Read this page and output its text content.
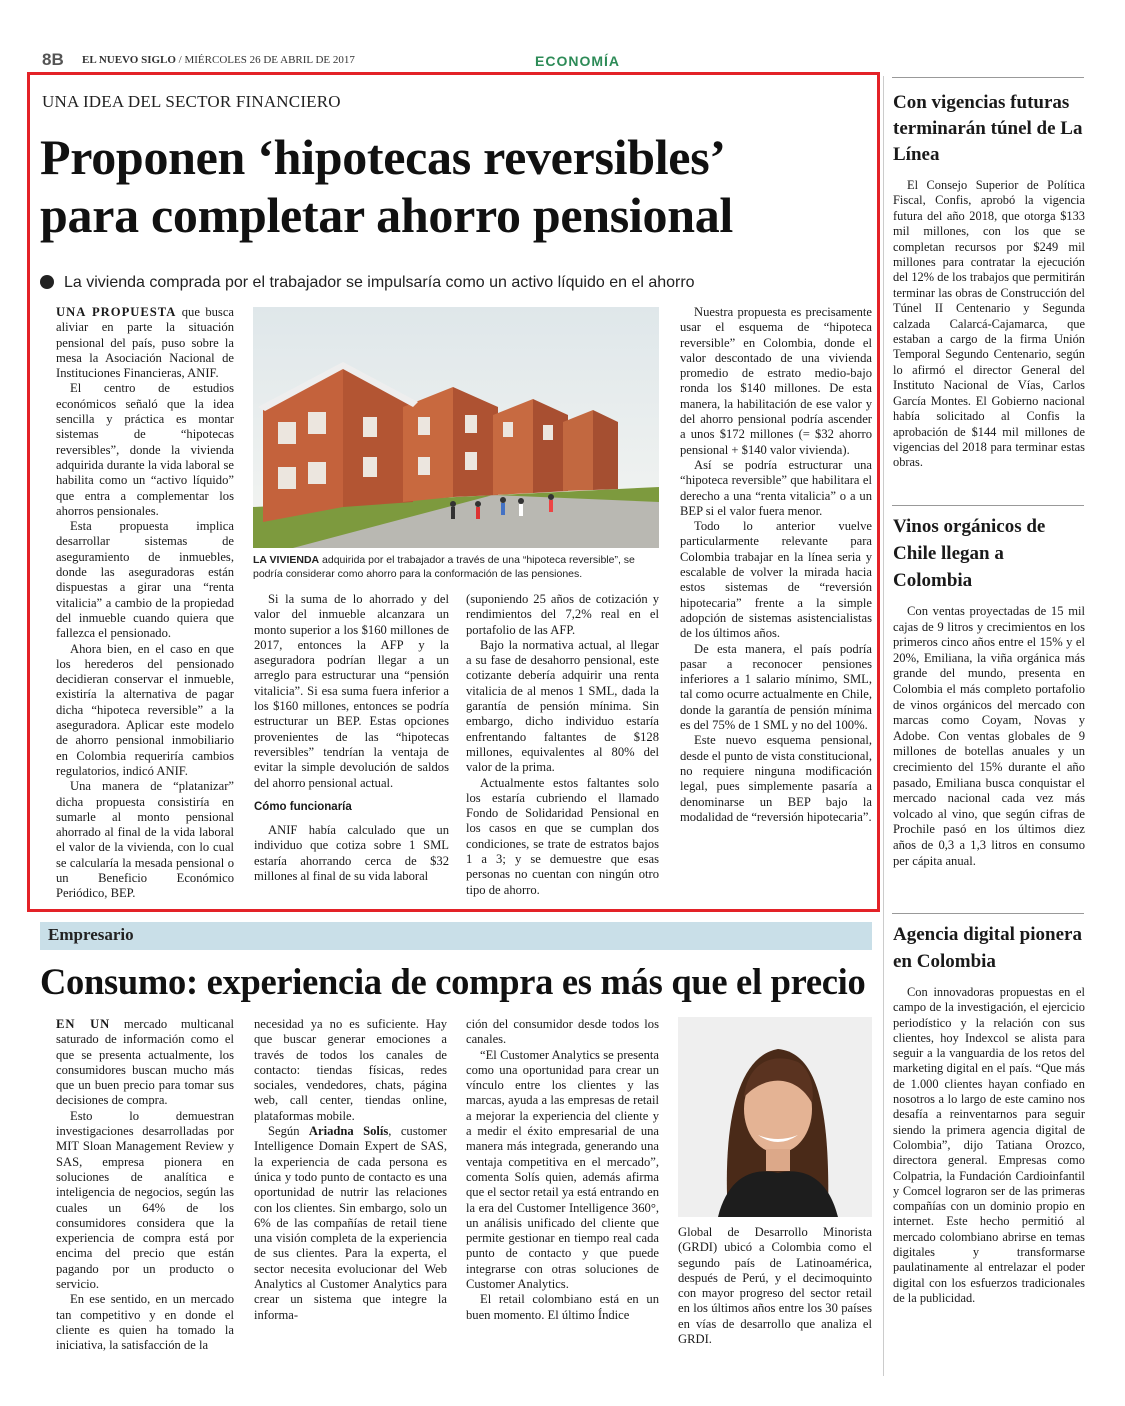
8B EL NUEVO SIGLO / MIÉRCOLES 26 DE ABRIL DE 2017	ECONOMÍA
UNA IDEA DEL SECTOR FINANCIERO
Proponen ‘hipotecas reversibles’
para completar ahorro pensional
La vivienda comprada por el trabajador se impulsaría como un activo líquido en el ahorro

UNA PROPUESTA que busca aliviar en parte la situación pensional del país, puso sobre la mesa la Asociación Nacional de Instituciones Financieras, ANIF.

El centro de estudios económicos señaló que la idea sencilla y práctica es montar sistemas de “hipotecas reversibles”, donde la vivienda adquirida durante la vida laboral se habilita como un “activo líquido” que entra a complementar los ahorros pensionales.

Esta propuesta implica desarrollar sistemas de aseguramiento de inmuebles, donde las aseguradoras están dispuestas a girar una “renta vitalicia” a cambio de la propiedad del inmueble cuando quiera que fallezca el pensionado.

Ahora bien, en el caso en que los herederos del pensionado decidieran conservar el inmueble, existiría la alternativa de pagar dicha “hipoteca reversible” a la aseguradora. Aplicar este modelo de ahorro pensional inmobiliario en Colombia requeriría cambios regulatorios, indicó ANIF.

Una manera de “platanizar” dicha propuesta consistiría en sumarle al monto pensional ahorrado al final de la vida laboral el valor de la vivienda, con lo cual se calcularía la mesada pensional o un Beneficio Económico Periódico, BEP.

LA VIVIENDA adquirida por el trabajador a través de una “hipoteca reversible”, se podría considerar como ahorro para la conformación de las pensiones.

Si la suma de lo ahorrado y del valor del inmueble alcanzara un monto superior a los $160 millones de 2017, entonces la AFP y la aseguradora podrían llegar a un arreglo para estructurar una “pensión vitalicia”. Si esa suma fuera inferior a los $160 millones, entonces se podría estructurar un BEP. Estas opciones provenientes de las “hipotecas reversibles” tendrían la ventaja de evitar la simple devolución de saldos del ahorro pensional actual.

Cómo funcionaría

ANIF había calculado que un individuo que cotiza sobre 1 SML estaría ahorrando cerca de $32 millones al final de su vida laboral

(suponiendo 25 años de cotización y rendimientos del 7,2% real en el portafolio de las AFP.

Bajo la normativa actual, al llegar a su fase de desahorro pensional, este cotizante debería adquirir una renta vitalicia de al menos 1 SML, dada la garantía de pensión mínima. Sin embargo, dicho individuo estaría enfrentando faltantes de $128 millones, equivalentes al 80% del valor de la prima.

Actualmente estos faltantes solo los estaría cubriendo el llamado Fondo de Solidaridad Pensional en los casos en que se cumplan dos condiciones, se trate de estratos bajos 1 a 3; y se demuestre que esas personas no cuentan con ningún otro tipo de ahorro.

Nuestra propuesta es precisamente usar el esquema de “hipoteca reversible” en Colombia, donde el valor descontado de una vivienda promedio de estrato medio-bajo ronda los $140 millones. De esta manera, la habilitación de ese valor y del ahorro pensional podría ascender a unos $172 millones (= $32 ahorro pensional + $140 valor vivienda).

Así se podría estructurar una “hipoteca reversible” que habilitara el derecho a una “renta vitalicia” o a un BEP si el valor fuera menor.

Todo lo anterior vuelve particularmente relevante para Colombia trabajar en la línea seria y escalable de volver la mirada hacia estos sistemas de “reversión hipotecaria” frente a la simple adopción de sistemas asistencialistas de los últimos años.

De esta manera, el país podría pasar a reconocer pensiones inferiores a 1 salario mínimo, SML, tal como ocurre actualmente en Chile, donde la garantía de pensión mínima es del 75% de 1 SML y no del 100%.

Este nuevo esquema pensional, desde el punto de vista constitucional, no requiere ninguna modificación legal, pues simplemente pasaría a denominarse un BEP bajo la modalidad de “reversión hipotecaria”.

Con vigencias futuras terminarán túnel de La Línea

El Consejo Superior de Política Fiscal, Confis, aprobó la vigencia futura del año 2018, que otorga $133 mil millones, con los que se completan recursos por $249 mil millones para contratar la ejecución del 12% de los trabajos que permitirán terminar las obras de Construcción del Túnel II Centenario y Segunda calzada Calarcá-Cajamarca, que estaban a cargo de la firma Unión Temporal Segundo Centenario, según lo afirmó el director General del Instituto Nacional de Vías, Carlos García Montes. El Gobierno nacional había solicitado al Confis la aprobación de $144 mil millones de vigencias del 2018 para terminar estas obras.

Vinos orgánicos de Chile llegan a Colombia

Con ventas proyectadas de 15 mil cajas de 9 litros y crecimientos en los primeros cinco años entre el 15% y el 20%, Emiliana, la viña orgánica más grande del mundo, presenta en Colombia el más completo portafolio de vinos orgánicos del mercado con marcas como Coyam, Novas y Adobe. Con ventas globales de 9 millones de botellas anuales y un crecimiento del 15% durante el año pasado, Emiliana busca conquistar el mercado nacional cada vez más volcado al vino, que según cifras de Prochile pasó en los últimos diez años de 0,3 a 1,3 litros en consumo per cápita anual.

Agencia digital pionera en Colombia

Con innovadoras propuestas en el campo de la investigación, el ejercicio periodístico y la relación con sus clientes, hoy Indexcol se alista para seguir a la vanguardia de los retos del marketing digital en el país. “Que más de 1.000 clientes hayan confiado en nosotros a lo largo de este camino nos desafía a reinventarnos para seguir siendo la primera agencia digital de Colombia”, dijo Tatiana Orozco, directora general. Empresas como Colpatria, la Fundación Cardioinfantil y Comcel lograron ser de las primeras compañías con un dominio propio en internet. Este hecho permitió al mercado colombiano abrirse en temas digitales y transformarse paulatinamente al entrelazar el poder digital con los esfuerzos tradicionales de la publicidad.

Empresario
Consumo: experiencia de compra es más que el precio

EN UN mercado multicanal saturado de información como el que se presenta actualmente, los consumidores buscan mucho más que un buen precio para tomar sus decisiones de compra.

Esto lo demuestran investigaciones desarrolladas por MIT Sloan Management Review y SAS, empresa pionera en soluciones de analítica e inteligencia de negocios, según las cuales un 64% de los consumidores considera que la experiencia de compra está por encima del precio que están pagando por un producto o servicio.

En ese sentido, en un mercado tan competitivo y en donde el cliente es quien ha tomado la iniciativa, la satisfacción de la

necesidad ya no es suficiente. Hay que buscar generar emociones a través de todos los canales de contacto: tiendas físicas, redes sociales, vendedores, chats, página web, call center, tiendas online, plataformas mobile.

Según Ariadna Solís, customer Intelligence Domain Expert de SAS, la experiencia de cada persona es única y todo punto de contacto es una oportunidad de nutrir las relaciones con los clientes. Sin embargo, solo un 6% de las compañías de retail tiene una visión completa de la experiencia de sus clientes. Para la experta, el sector necesita evolucionar del Web Analytics al Customer Analytics para crear un sistema que integre la informa-

ción del consumidor desde todos los canales.

“El Customer Analytics se presenta como una oportunidad para crear un vínculo entre los clientes y las marcas, ayuda a las empresas de retail a mejorar la experiencia del cliente y a medir el éxito empresarial de una manera más integrada, generando una ventaja competitiva en el mercado”, comenta Solís quien, además afirma que el sector retail ya está entrando en la era del Customer Intelligence 360°, un análisis unificado del cliente que permite gestionar en tiempo real cada punto de contacto y que puede integrarse con otras soluciones de Customer Analytics.

El retail colombiano está en un buen momento. El último Índice

Global de Desarrollo Minorista (GRDI) ubicó a Colombia como el segundo país de Latinoamérica, después de Perú, y el decimoquinto con mayor progreso del sector retail en los últimos años entre los 30 países en vías de desarrollo que analiza el GRDI.
